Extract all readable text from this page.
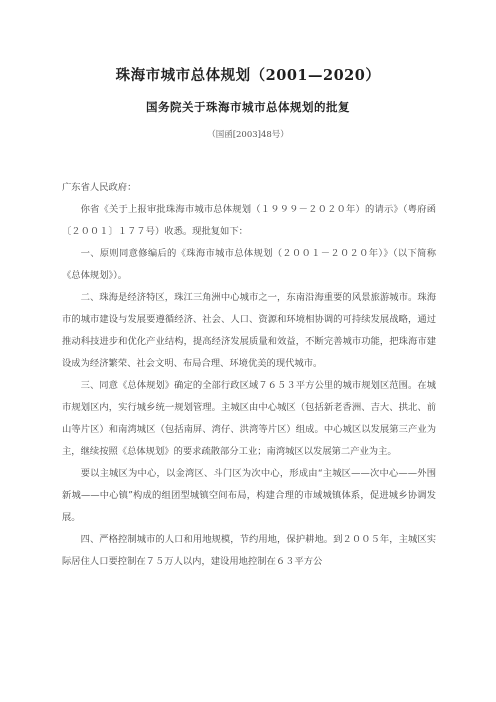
珠海市城市总体规划（2001—2020）
国务院关于珠海市城市总体规划的批复
（国函[2003]48号）

广东省人民政府：

你省《关于上报审批珠海市城市总体规划（１９９９－２０２０年）的请示》（粤府函〔２００１〕１７７号）收悉。现批复如下：

一、原则同意修编后的《珠海市城市总体规划（２００１－２０２０年）》（以下简称《总体规划》）。

二、珠海是经济特区，珠江三角洲中心城市之一，东南沿海重要的风景旅游城市。珠海市的城市建设与发展要遵循经济、社会、人口、资源和环境相协调的可持续发展战略，通过推动科技进步和优化产业结构，提高经济发展质量和效益，不断完善城市功能，把珠海市建设成为经济繁荣、社会文明、布局合理、环境优美的现代城市。

三、同意《总体规划》确定的全部行政区域７６５３平方公里的城市规划区范围。在城市规划区内，实行城乡统一规划管理。主城区由中心城区（包括新老香洲、吉大、拱北、前山等片区）和南湾城区（包括南屏、湾仔、洪湾等片区）组成。中心城区以发展第三产业为主，继续按照《总体规划》的要求疏散部分工业；南湾城区以发展第二产业为主。

要以主城区为中心，以金湾区、斗门区为次中心，形成由“主城区——次中心——外围新城——中心镇”构成的组团型城镇空间布局，构建合理的市域城镇体系，促进城乡协调发展。

四、严格控制城市的人口和用地规模，节约用地，保护耕地。到２００５年，主城区实际居住人口要控制在７５万人以内，建设用地控制在６３平方公
